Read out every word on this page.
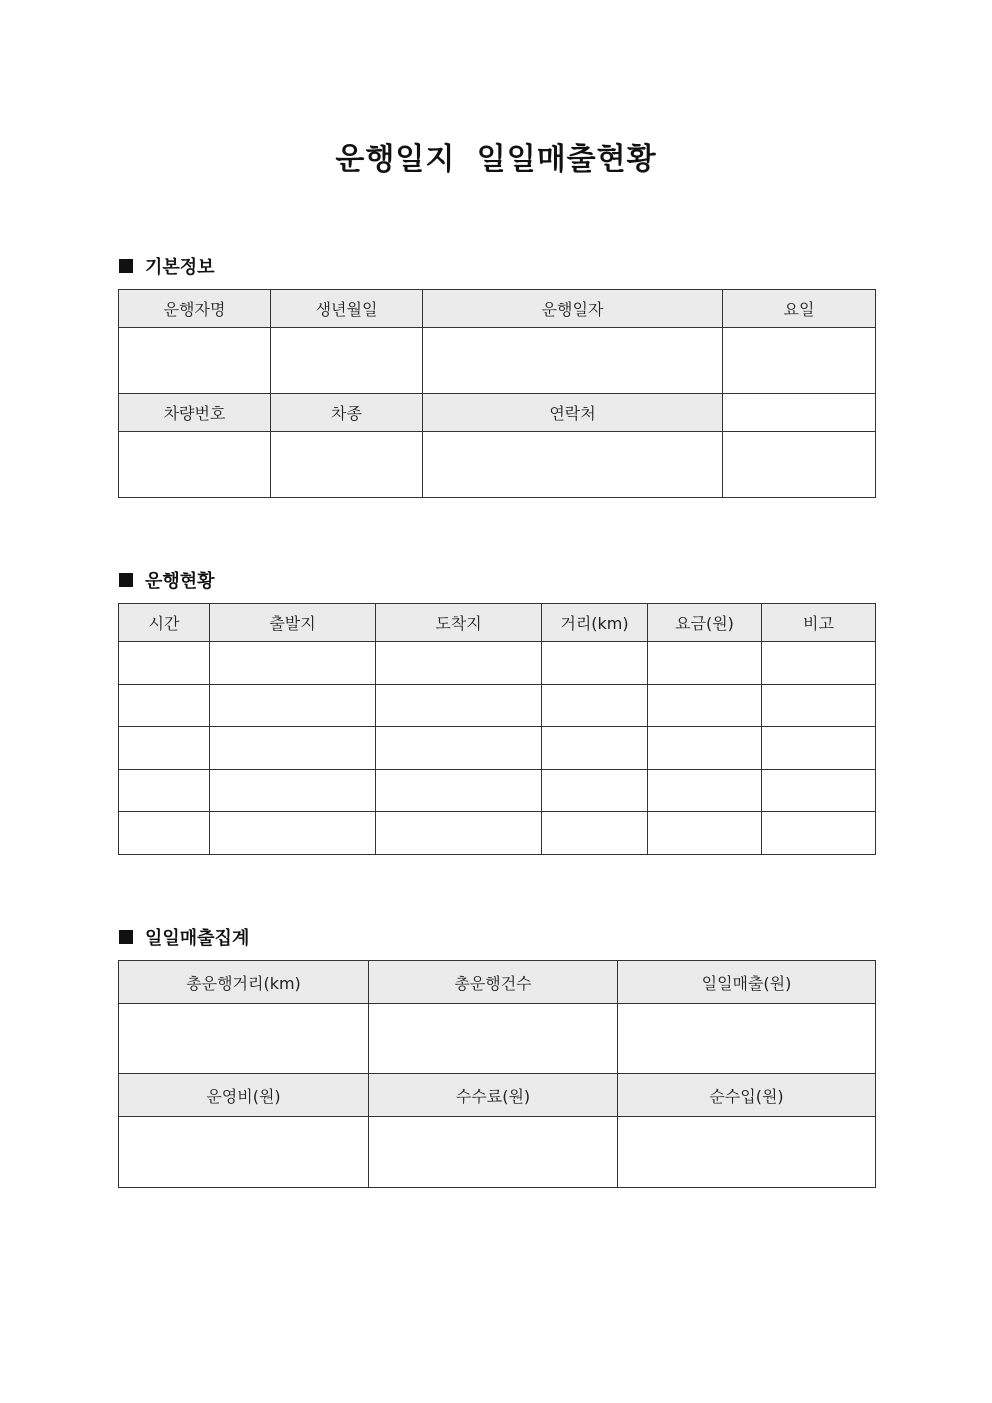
운행일지 일일매출현황
기본정보
운행자명	생년월일	운행일자	요일

차량번호	차종	연락처	

운행현황
시간	출발지	도착지	거리(km)	요금(원)	비고

일일매출집계
총운행거리(km)	총운행건수	일일매출(원)

운영비(원)	수수료(원)	순수입(원)
